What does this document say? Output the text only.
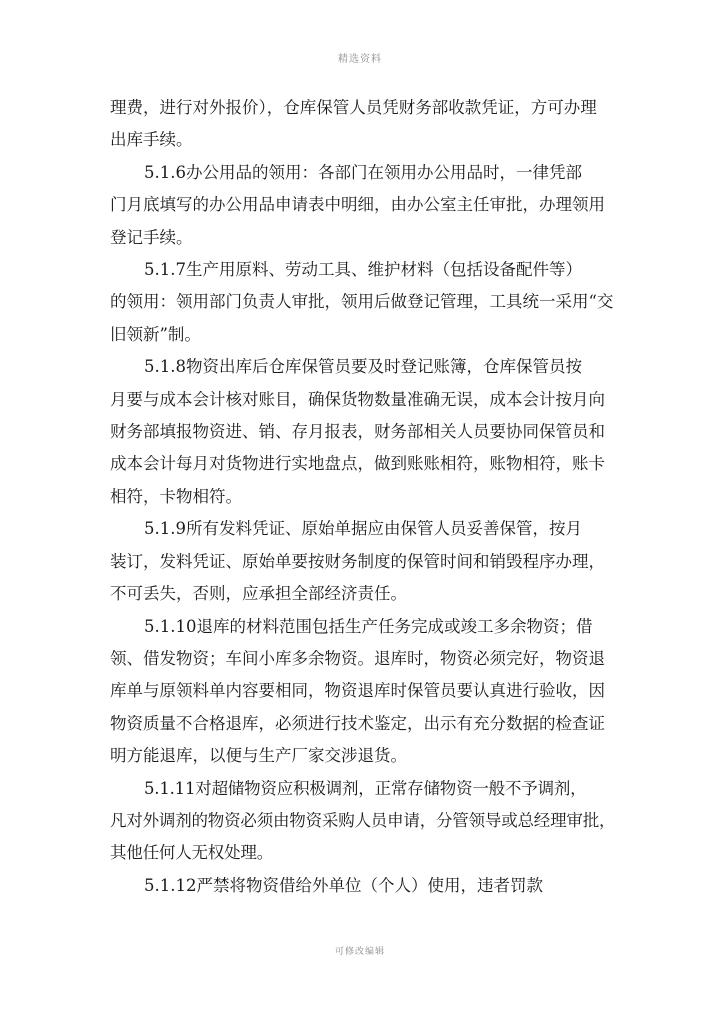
精选资料

理费，进行对外报价），仓库保管人员凭财务部收款凭证，方可办理
出库手续。

5.1.6办公用品的领用：各部门在领用办公用品时，一律凭部
门月底填写的办公用品申请表中明细，由办公室主任审批，办理领用
登记手续。

5.1.7生产用原料、劳动工具、维护材料（包括设备配件等）
的领用：领用部门负责人审批，领用后做登记管理，工具统一采用“交
旧领新”制。

5.1.8物资出库后仓库保管员要及时登记账簿，仓库保管员按
月要与成本会计核对账目，确保货物数量准确无误，成本会计按月向
财务部填报物资进、销、存月报表，财务部相关人员要协同保管员和
成本会计每月对货物进行实地盘点，做到账账相符，账物相符，账卡
相符，卡物相符。

5.1.9所有发料凭证、原始单据应由保管人员妥善保管，按月
装订，发料凭证、原始单要按财务制度的保管时间和销毁程序办理，
不可丢失，否则，应承担全部经济责任。

5.1.10退库的材料范围包括生产任务完成或竣工多余物资；借
领、借发物资；车间小库多余物资。退库时，物资必须完好，物资退
库单与原领料单内容要相同，物资退库时保管员要认真进行验收，因
物资质量不合格退库，必须进行技术鉴定，出示有充分数据的检查证
明方能退库，以便与生产厂家交涉退货。

5.1.11对超储物资应积极调剂，正常存储物资一般不予调剂，
凡对外调剂的物资必须由物资采购人员申请，分管领导或总经理审批，
其他任何人无权处理。

5.1.12严禁将物资借给外单位（个人）使用，违者罚款

可修改编辑
